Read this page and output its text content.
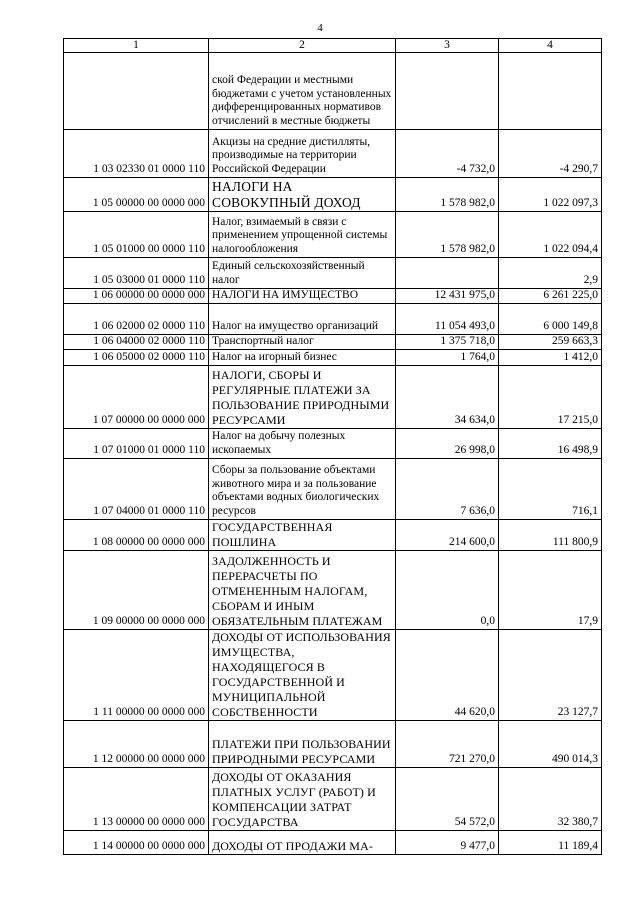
4
1	2	3	4
	ской Федерации и местными бюджетами с учетом установленных дифференцированных нормативов отчислений в местные бюджеты		
1 03 02330 01 0000 110	Акцизы на средние дистилляты, производимые на территории Российской Федерации	-4 732,0	-4 290,7
1 05 00000 00 0000 000	НАЛОГИ НА СОВОКУПНЫЙ ДОХОД	1 578 982,0	1 022 097,3
1 05 01000 00 0000 110	Налог, взимаемый в связи с применением упрощенной системы налогообложения	1 578 982,0	1 022 094,4
1 05 03000 01 0000 110	Единый сельскохозяйственный налог		2,9
1 06 00000 00 0000 000	НАЛОГИ НА ИМУЩЕСТВО	12 431 975,0	6 261 225,0
1 06 02000 02 0000 110	Налог на имущество организаций	11 054 493,0	6 000 149,8
1 06 04000 02 0000 110	Транспортный налог	1 375 718,0	259 663,3
1 06 05000 02 0000 110	Налог на игорный бизнес	1 764,0	1 412,0
1 07 00000 00 0000 000	НАЛОГИ, СБОРЫ И РЕГУЛЯРНЫЕ ПЛАТЕЖИ ЗА ПОЛЬЗОВАНИЕ ПРИРОДНЫМИ РЕСУРСАМИ	34 634,0	17 215,0
1 07 01000 01 0000 110	Налог на добычу полезных ископаемых	26 998,0	16 498,9
1 07 04000 01 0000 110	Сборы за пользование объектами животного мира и за пользование объектами водных биологических ресурсов	7 636,0	716,1
1 08 00000 00 0000 000	ГОСУДАРСТВЕННАЯ ПОШЛИНА	214 600,0	111 800,9
1 09 00000 00 0000 000	ЗАДОЛЖЕННОСТЬ И ПЕРЕРАСЧЕТЫ ПО ОТМЕНЕННЫМ НАЛОГАМ, СБОРАМ И ИНЫМ ОБЯЗАТЕЛЬНЫМ ПЛАТЕЖАМ	0,0	17,9
1 11 00000 00 0000 000	ДОХОДЫ ОТ ИСПОЛЬЗОВАНИЯ ИМУЩЕСТВА, НАХОДЯЩЕГОСЯ В ГОСУДАРСТВЕННОЙ И МУНИЦИПАЛЬНОЙ СОБСТВЕННОСТИ	44 620,0	23 127,7
1 12 00000 00 0000 000	ПЛАТЕЖИ ПРИ ПОЛЬЗОВАНИИ ПРИРОДНЫМИ РЕСУРСАМИ	721 270,0	490 014,3
1 13 00000 00 0000 000	ДОХОДЫ ОТ ОКАЗАНИЯ ПЛАТНЫХ УСЛУГ (РАБОТ) И КОМПЕНСАЦИИ ЗАТРАТ ГОСУДАРСТВА	54 572,0	32 380,7
1 14 00000 00 0000 000	ДОХОДЫ ОТ ПРОДАЖИ МА-	9 477,0	11 189,4
